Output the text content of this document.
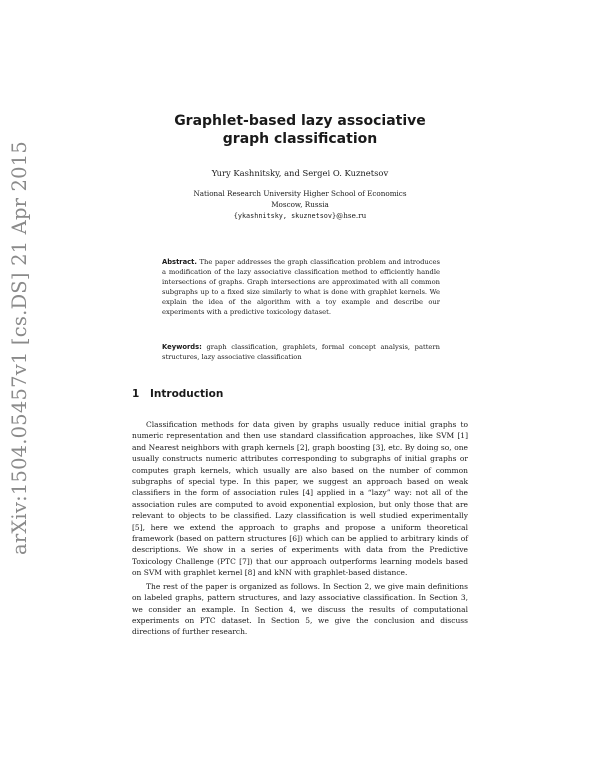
arXiv:1504.05457v1 [cs.DS] 21 Apr 2015
Graphlet-based lazy associative
graph classification
Yury Kashnitsky, and Sergei O. Kuznetsov
National Research University Higher School of Economics
Moscow, Russia
{ykashnitsky, skuznetsov}@hse.ru
Abstract. The paper addresses the graph classification problem and introduces a modification of the lazy associative classification method to efficiently handle intersections of graphs. Graph intersections are approximated with all common subgraphs up to a fixed size similarly to what is done with graphlet kernels. We explain the idea of the algorithm with a toy example and describe our experiments with a predictive toxicology dataset.
Keywords: graph classification, graphlets, formal concept analysis, pattern structures, lazy associative classification
1 Introduction

Classification methods for data given by graphs usually reduce initial graphs to numeric representation and then use standard classification approaches, like SVM [1] and Nearest neighbors with graph kernels [2], graph boosting [3], etc. By doing so, one usually constructs numeric attributes corresponding to subgraphs of initial graphs or computes graph kernels, which usually are also based on the number of common subgraphs of special type. In this paper, we suggest an approach based on weak classifiers in the form of association rules [4] applied in a “lazy” way: not all of the association rules are computed to avoid exponential explosion, but only those that are relevant to objects to be classified. Lazy classification is well studied experimentally [5], here we extend the approach to graphs and propose a uniform theoretical framework (based on pattern structures [6]) which can be applied to arbitrary kinds of descriptions. We show in a series of experiments with data from the Predictive Toxicology Challenge (PTC [7]) that our approach outperforms learning models based on SVM with graphlet kernel [8] and kNN with graphlet-based distance.

The rest of the paper is organized as follows. In Section 2, we give main definitions on labeled graphs, pattern structures, and lazy associative classification. In Section 3, we consider an example. In Section 4, we discuss the results of computational experiments on PTC dataset. In Section 5, we give the conclusion and discuss directions of further research.
